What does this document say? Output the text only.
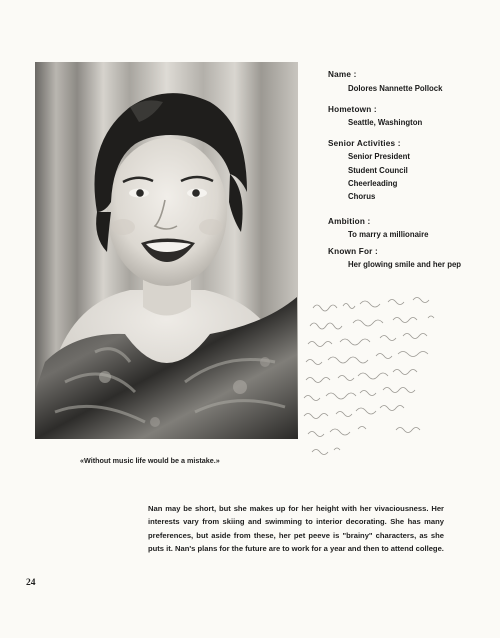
«Without music life would be a mistake.»
Name :
Dolores Nannette Pollock
Hometown :
Seattle, Washington
Senior Activities :
Senior President
Student Council
Cheerleading
Chorus
Ambition :
To marry a millionaire
Known For :
Her glowing smile and her pep
Nan may be short, but she makes up for her height with her vivaciousness. Her interests vary from skiing and swimming to interior decorating. She has many preferences, but aside from these, her pet peeve is "brainy" characters, as she puts it. Nan's plans for the future are to work for a year and then to attend college.
24
